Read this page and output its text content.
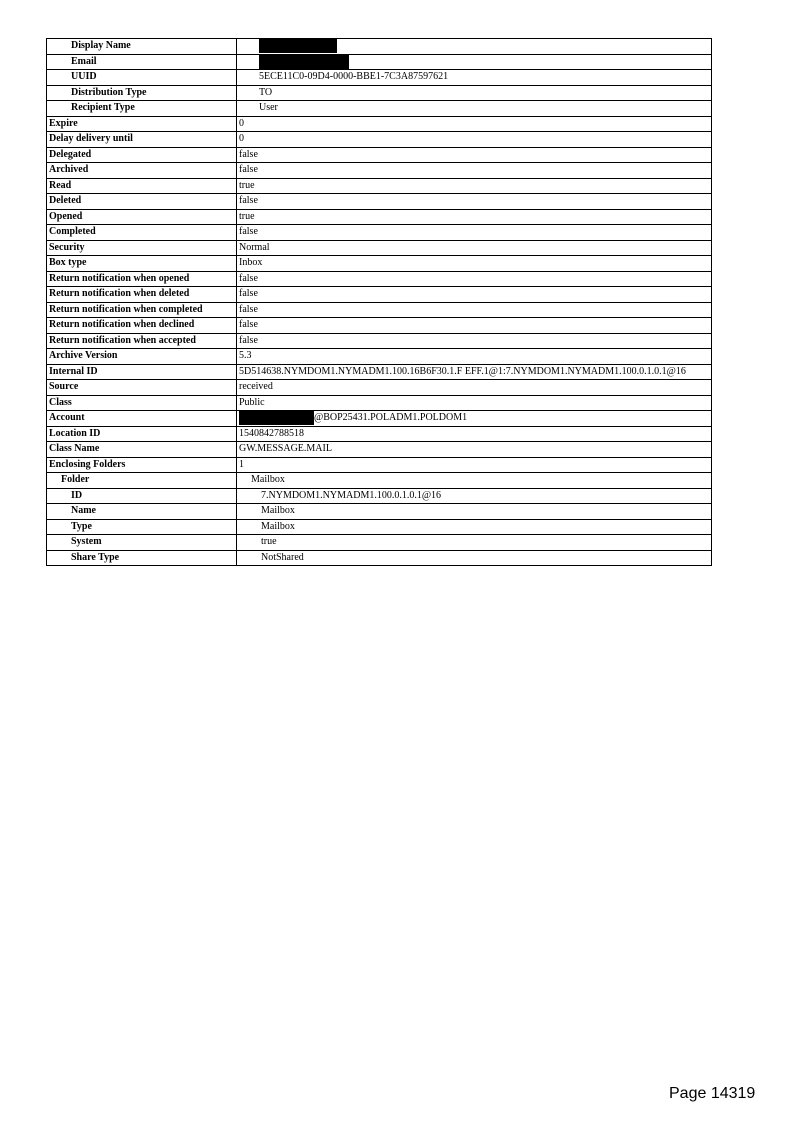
Display Name	
Email	
UUID	5ECE11C0-09D4-0000-BBE1-7C3A87597621
Distribution Type	TO
Recipient Type	User
Expire	0
Delay delivery until	0
Delegated	false
Archived	false
Read	true
Deleted	false
Opened	true
Completed	false
Security	Normal
Box type	Inbox
Return notification when opened	false
Return notification when deleted	false
Return notification when completed	false
Return notification when declined	false
Return notification when accepted	false
Archive Version	5.3
Internal ID	5D514638.NYMDOM1.NYMADM1.100.16B6F30.1.F EFF.1@1:7.NYMDOM1.NYMADM1.100.0.1.0.1@16
Source	received
Class	Public
Account	@BOP25431.POLADM1.POLDOM1
Location ID	1540842788518
Class Name	GW.MESSAGE.MAIL
Enclosing Folders	1
Folder	Mailbox
ID	7.NYMDOM1.NYMADM1.100.0.1.0.1@16
Name	Mailbox
Type	Mailbox
System	true
Share Type	NotShared
Page 14319
